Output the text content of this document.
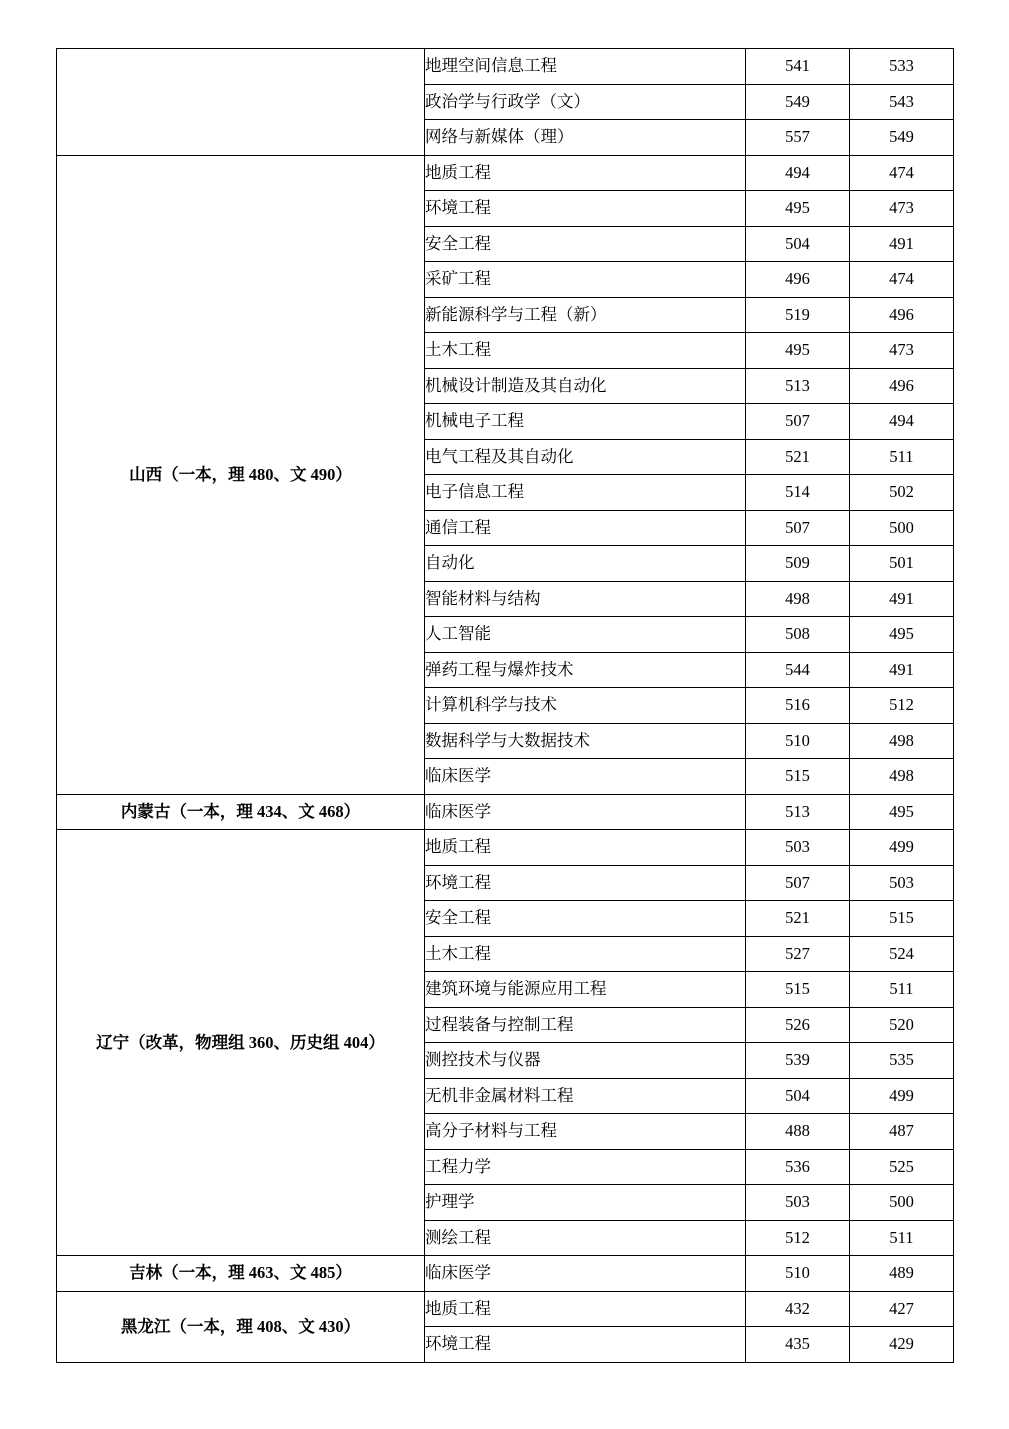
	地理空间信息工程	541	533
	政治学与行政学（文）	549	543
	网络与新媒体（理）	557	549
山西（一本，理 480、文 490）	地质工程	494	474
	环境工程	495	473
	安全工程	504	491
	采矿工程	496	474
	新能源科学与工程（新）	519	496
	土木工程	495	473
	机械设计制造及其自动化	513	496
	机械电子工程	507	494
	电气工程及其自动化	521	511
	电子信息工程	514	502
	通信工程	507	500
	自动化	509	501
	智能材料与结构	498	491
	人工智能	508	495
	弹药工程与爆炸技术	544	491
	计算机科学与技术	516	512
	数据科学与大数据技术	510	498
	临床医学	515	498
内蒙古（一本，理 434、文 468）	临床医学	513	495
辽宁（改革，物理组 360、历史组 404）	地质工程	503	499
	环境工程	507	503
	安全工程	521	515
	土木工程	527	524
	建筑环境与能源应用工程	515	511
	过程装备与控制工程	526	520
	测控技术与仪器	539	535
	无机非金属材料工程	504	499
	高分子材料与工程	488	487
	工程力学	536	525
	护理学	503	500
	测绘工程	512	511
吉林（一本，理 463、文 485）	临床医学	510	489
黑龙江（一本，理 408、文 430）	地质工程	432	427
	环境工程	435	429
